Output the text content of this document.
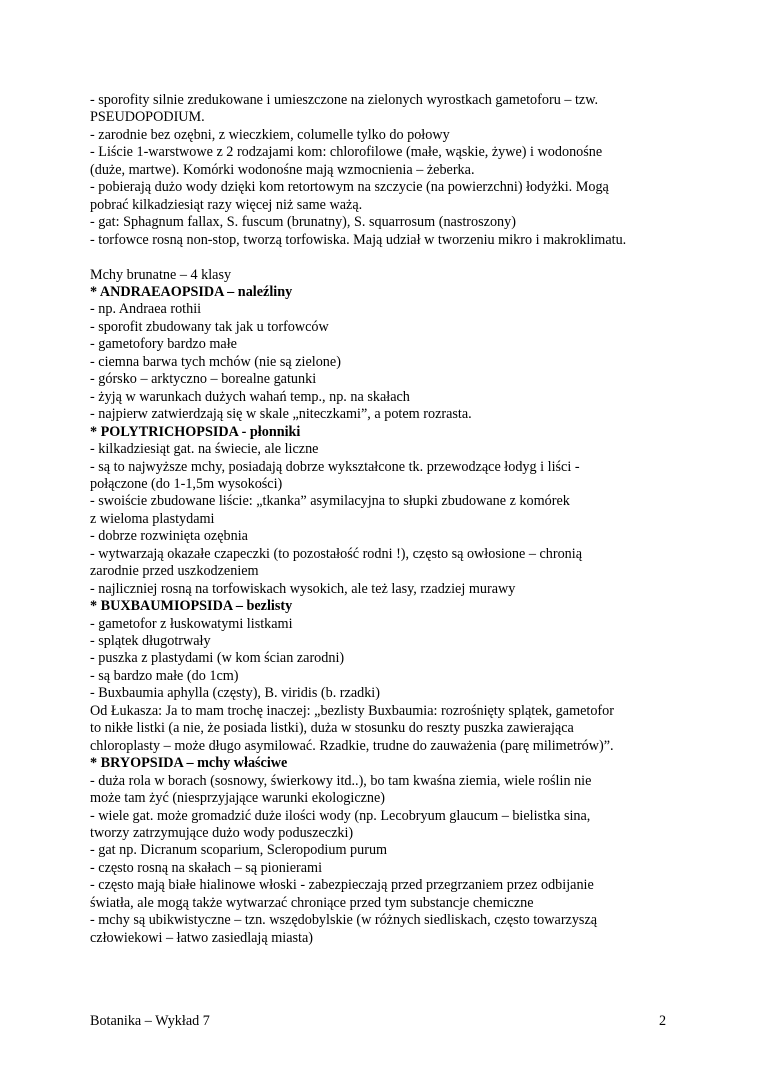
- sporofity silnie zredukowane i umieszczone na zielonych wyrostkach gametoforu – tzw.
PSEUDOPODIUM.
- zarodnie bez ozębni, z wieczkiem, columelle tylko do połowy
- Liście 1-warstwowe z 2 rodzajami kom: chlorofilowe (małe, wąskie, żywe) i wodonośne
(duże, martwe). Komórki wodonośne mają wzmocnienia – żeberka.
- pobierają dużo wody dzięki kom retortowym na szczycie (na powierzchni) łodyżki. Mogą
pobrać kilkadziesiąt razy więcej niż same ważą.
- gat: Sphagnum fallax, S. fuscum (brunatny), S. squarrosum (nastroszony)
- torfowce rosną non-stop, tworzą torfowiska. Mają udział w tworzeniu mikro i makroklimatu.
Mchy brunatne – 4 klasy
* ANDRAEAOPSIDA – naleźliny
- np. Andraea rothii
- sporofit zbudowany tak jak u torfowców
- gametofory bardzo małe
- ciemna barwa tych mchów (nie są zielone)
- górsko – arktyczno – borealne gatunki
- żyją w warunkach dużych wahań temp., np. na skałach
- najpierw zatwierdzają się w skale „niteczkami”, a potem rozrasta.
* POLYTRICHOPSIDA - płonniki
- kilkadziesiąt gat. na świecie, ale liczne
- są to najwyższe mchy, posiadają dobrze wykształcone tk. przewodzące łodyg i liści -
połączone (do 1-1,5m wysokości)
- swoiście zbudowane liście: „tkanka” asymilacyjna to słupki zbudowane z komórek
z wieloma plastydami
- dobrze rozwinięta ozębnia
- wytwarzają okazałe czapeczki (to pozostałość rodni !), często są owłosione – chronią
zarodnie przed uszkodzeniem
- najliczniej rosną na torfowiskach wysokich, ale też lasy, rzadziej murawy
* BUXBAUMIOPSIDA – bezlisty
- gametofor z łuskowatymi listkami
- splątek długotrwały
- puszka z plastydami (w kom ścian zarodni)
- są bardzo małe (do 1cm)
- Buxbaumia aphylla (częsty), B. viridis (b. rzadki)
Od Łukasza: Ja to mam trochę inaczej: „bezlisty Buxbaumia: rozrośnięty splątek, gametofor
to nikłe listki (a nie, że posiada listki), duża w stosunku do reszty puszka zawierająca
chloroplasty – może długo asymilować. Rzadkie, trudne do zauważenia (parę milimetrów)”.
* BRYOPSIDA – mchy właściwe
- duża rola w borach (sosnowy, świerkowy itd..), bo tam kwaśna ziemia, wiele roślin nie
może tam żyć (niesprzyjające warunki ekologiczne)
- wiele gat. może gromadzić duże ilości wody (np. Lecobryum glaucum – bielistka sina,
tworzy zatrzymujące dużo wody poduszeczki)
- gat np. Dicranum scoparium, Scleropodium purum
- często rosną na skałach – są pionierami
- często mają białe hialinowe włoski - zabezpieczają przed przegrzaniem przez odbijanie
światła, ale mogą także wytwarzać chroniące przed tym substancje chemiczne
- mchy są ubikwistyczne – tzn. wszędobylskie (w różnych siedliskach, często towarzyszą
człowiekowi – łatwo zasiedlają miasta)
Botanika – Wykład 7	2
